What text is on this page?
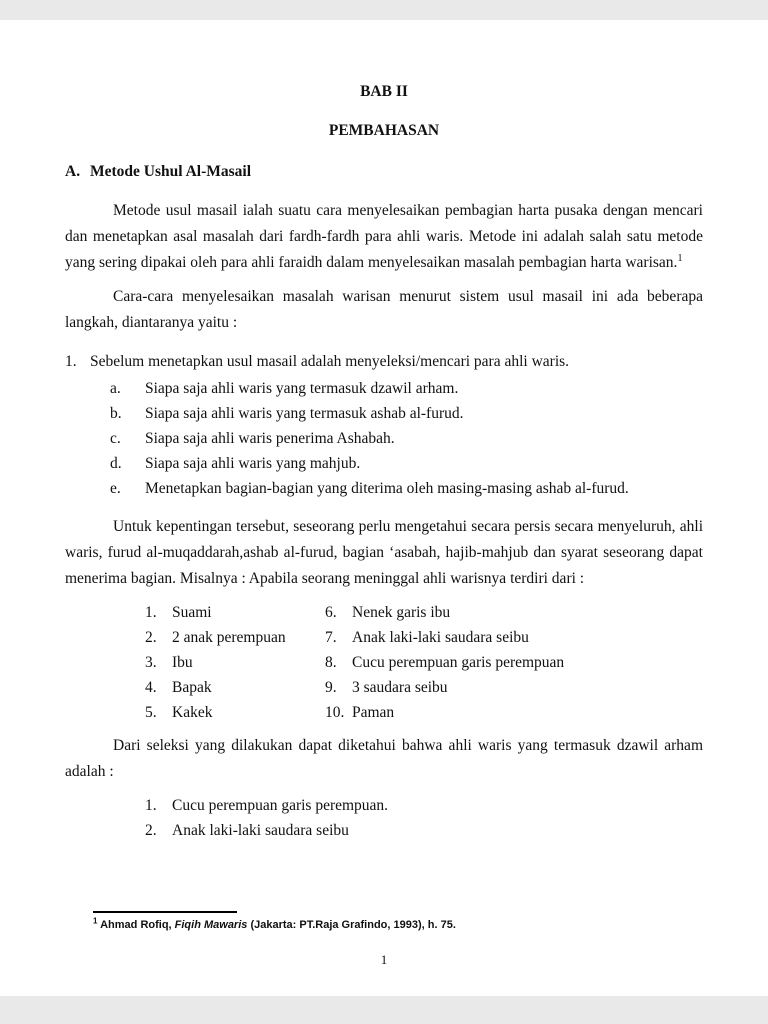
BAB II
PEMBAHASAN
A. Metode Ushul Al-Masail

Metode usul masail ialah suatu cara menyelesaikan pembagian harta pusaka dengan mencari dan menetapkan asal masalah dari fardh-fardh para ahli waris. Metode ini adalah salah satu metode yang sering dipakai oleh para ahli faraidh dalam menyelesaikan masalah pembagian harta warisan.$^1$

Cara-cara menyelesaikan masalah warisan menurut sistem usul masail ini ada beberapa langkah, diantaranya yaitu :

1. Sebelum menetapkan usul masail adalah menyeleksi/mencari para ahli waris.
a.	Siapa saja ahli waris yang termasuk dzawil arham.
b.	Siapa saja ahli waris yang termasuk ashab al-furud.
c.	Siapa saja ahli waris penerima Ashabah.
d.	Siapa saja ahli waris yang mahjub.
e.	Menetapkan bagian-bagian yang diterima oleh masing-masing ashab al-furud.

Untuk kepentingan tersebut, seseorang perlu mengetahui secara persis secara menyeluruh, ahli waris, furud al-muqaddarah,ashab al-furud, bagian ʻasabah, hajib-mahjub dan syarat seseorang dapat menerima bagian. Misalnya : Apabila seorang meninggal ahli warisnya terdiri dari :

1. Suami
2. 2 anak perempuan
3. Ibu
4. Bapak
5. Kakek
6. Nenek garis ibu
7. Anak laki-laki saudara seibu
8. Cucu perempuan garis perempuan
9. 3 saudara seibu
10. Paman

Dari seleksi yang dilakukan dapat diketahui bahwa ahli waris yang termasuk dzawil arham adalah :

1. Cucu perempuan garis perempuan.
2. Anak laki-laki saudara seibu
$^1$ Ahmad Rofiq, Fiqih Mawaris (Jakarta: PT.Raja Grafindo, 1993), h. 75.
1
